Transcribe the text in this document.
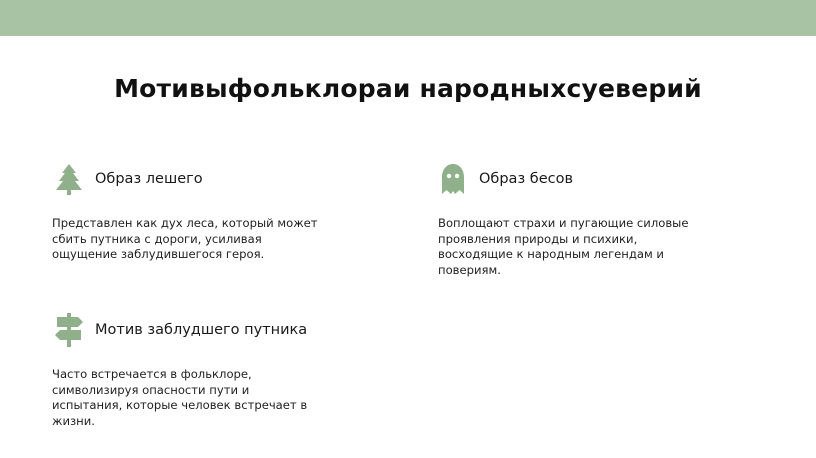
Мотивыфольклораи народныхсуеверий
Образ лешего
Представлен как дух леса, который может
сбить путника с дороги, усиливая
ощущение заблудившегося героя.
Образ бесов
Воплощают страхи и пугающие силовые
проявления природы и психики,
восходящие к народным легендам и
повериям.
Мотив заблудшего путника
Часто встречается в фольклоре,
символизируя опасности пути и
испытания, которые человек встречает в
жизни.
